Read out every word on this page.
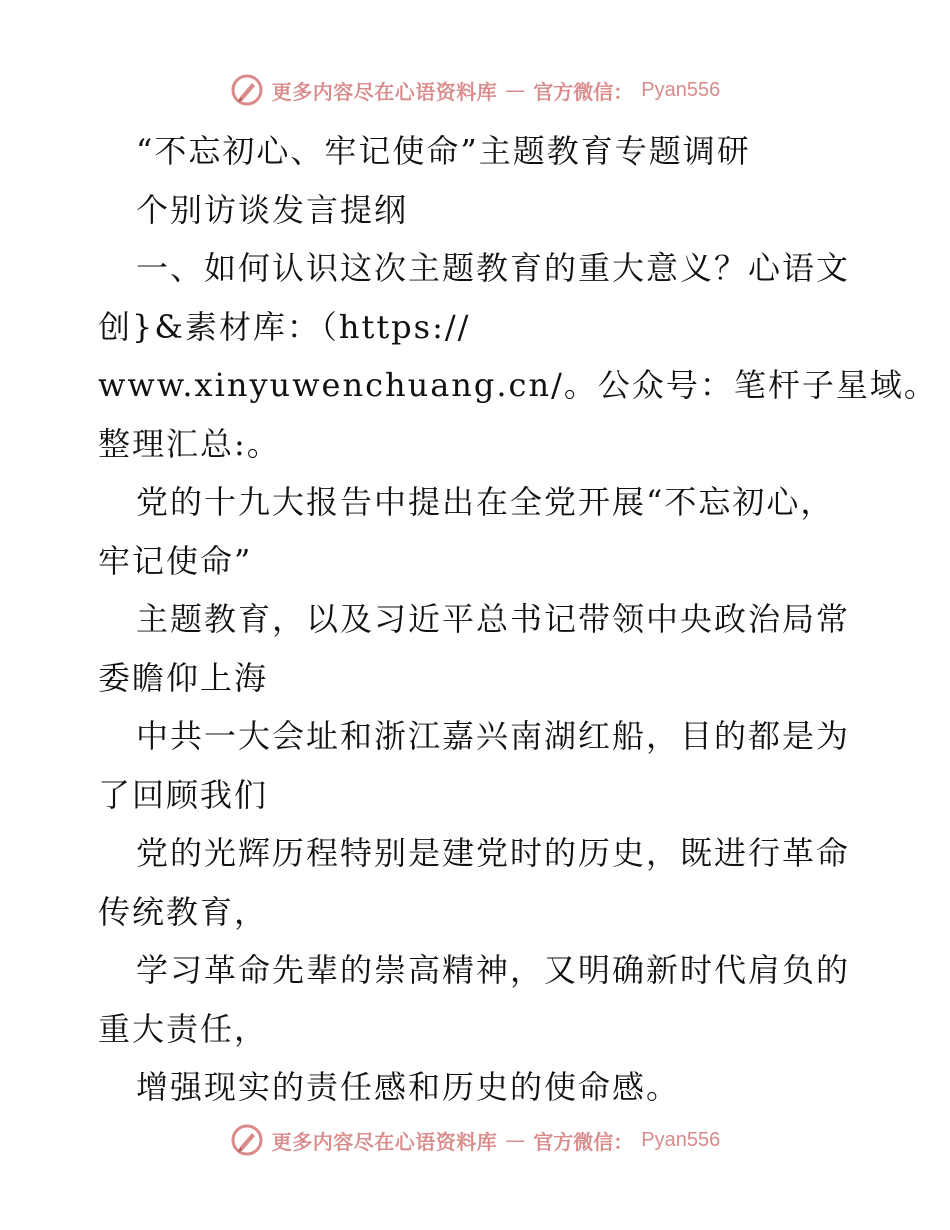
更多内容尽在心语资料库 — 官方微信： Pyan556
“不忘初心、牢记使命”主题教育专题调研
个别访谈发言提纲
一、如何认识这次主题教育的重大意义？心语文
创}&素材库：（https://
www.xinyuwenchuang.cn/。公众号：笔杆子星域。
整理汇总:。
党的十九大报告中提出在全党开展“不忘初心，
牢记使命”
主题教育，以及习近平总书记带领中央政治局常
委瞻仰上海
中共一大会址和浙江嘉兴南湖红船，目的都是为
了回顾我们
党的光辉历程特别是建党时的历史，既进行革命
传统教育，
学习革命先辈的崇高精神，又明确新时代肩负的
重大责任，
增强现实的责任感和历史的使命感。
更多内容尽在心语资料库 — 官方微信： Pyan556
